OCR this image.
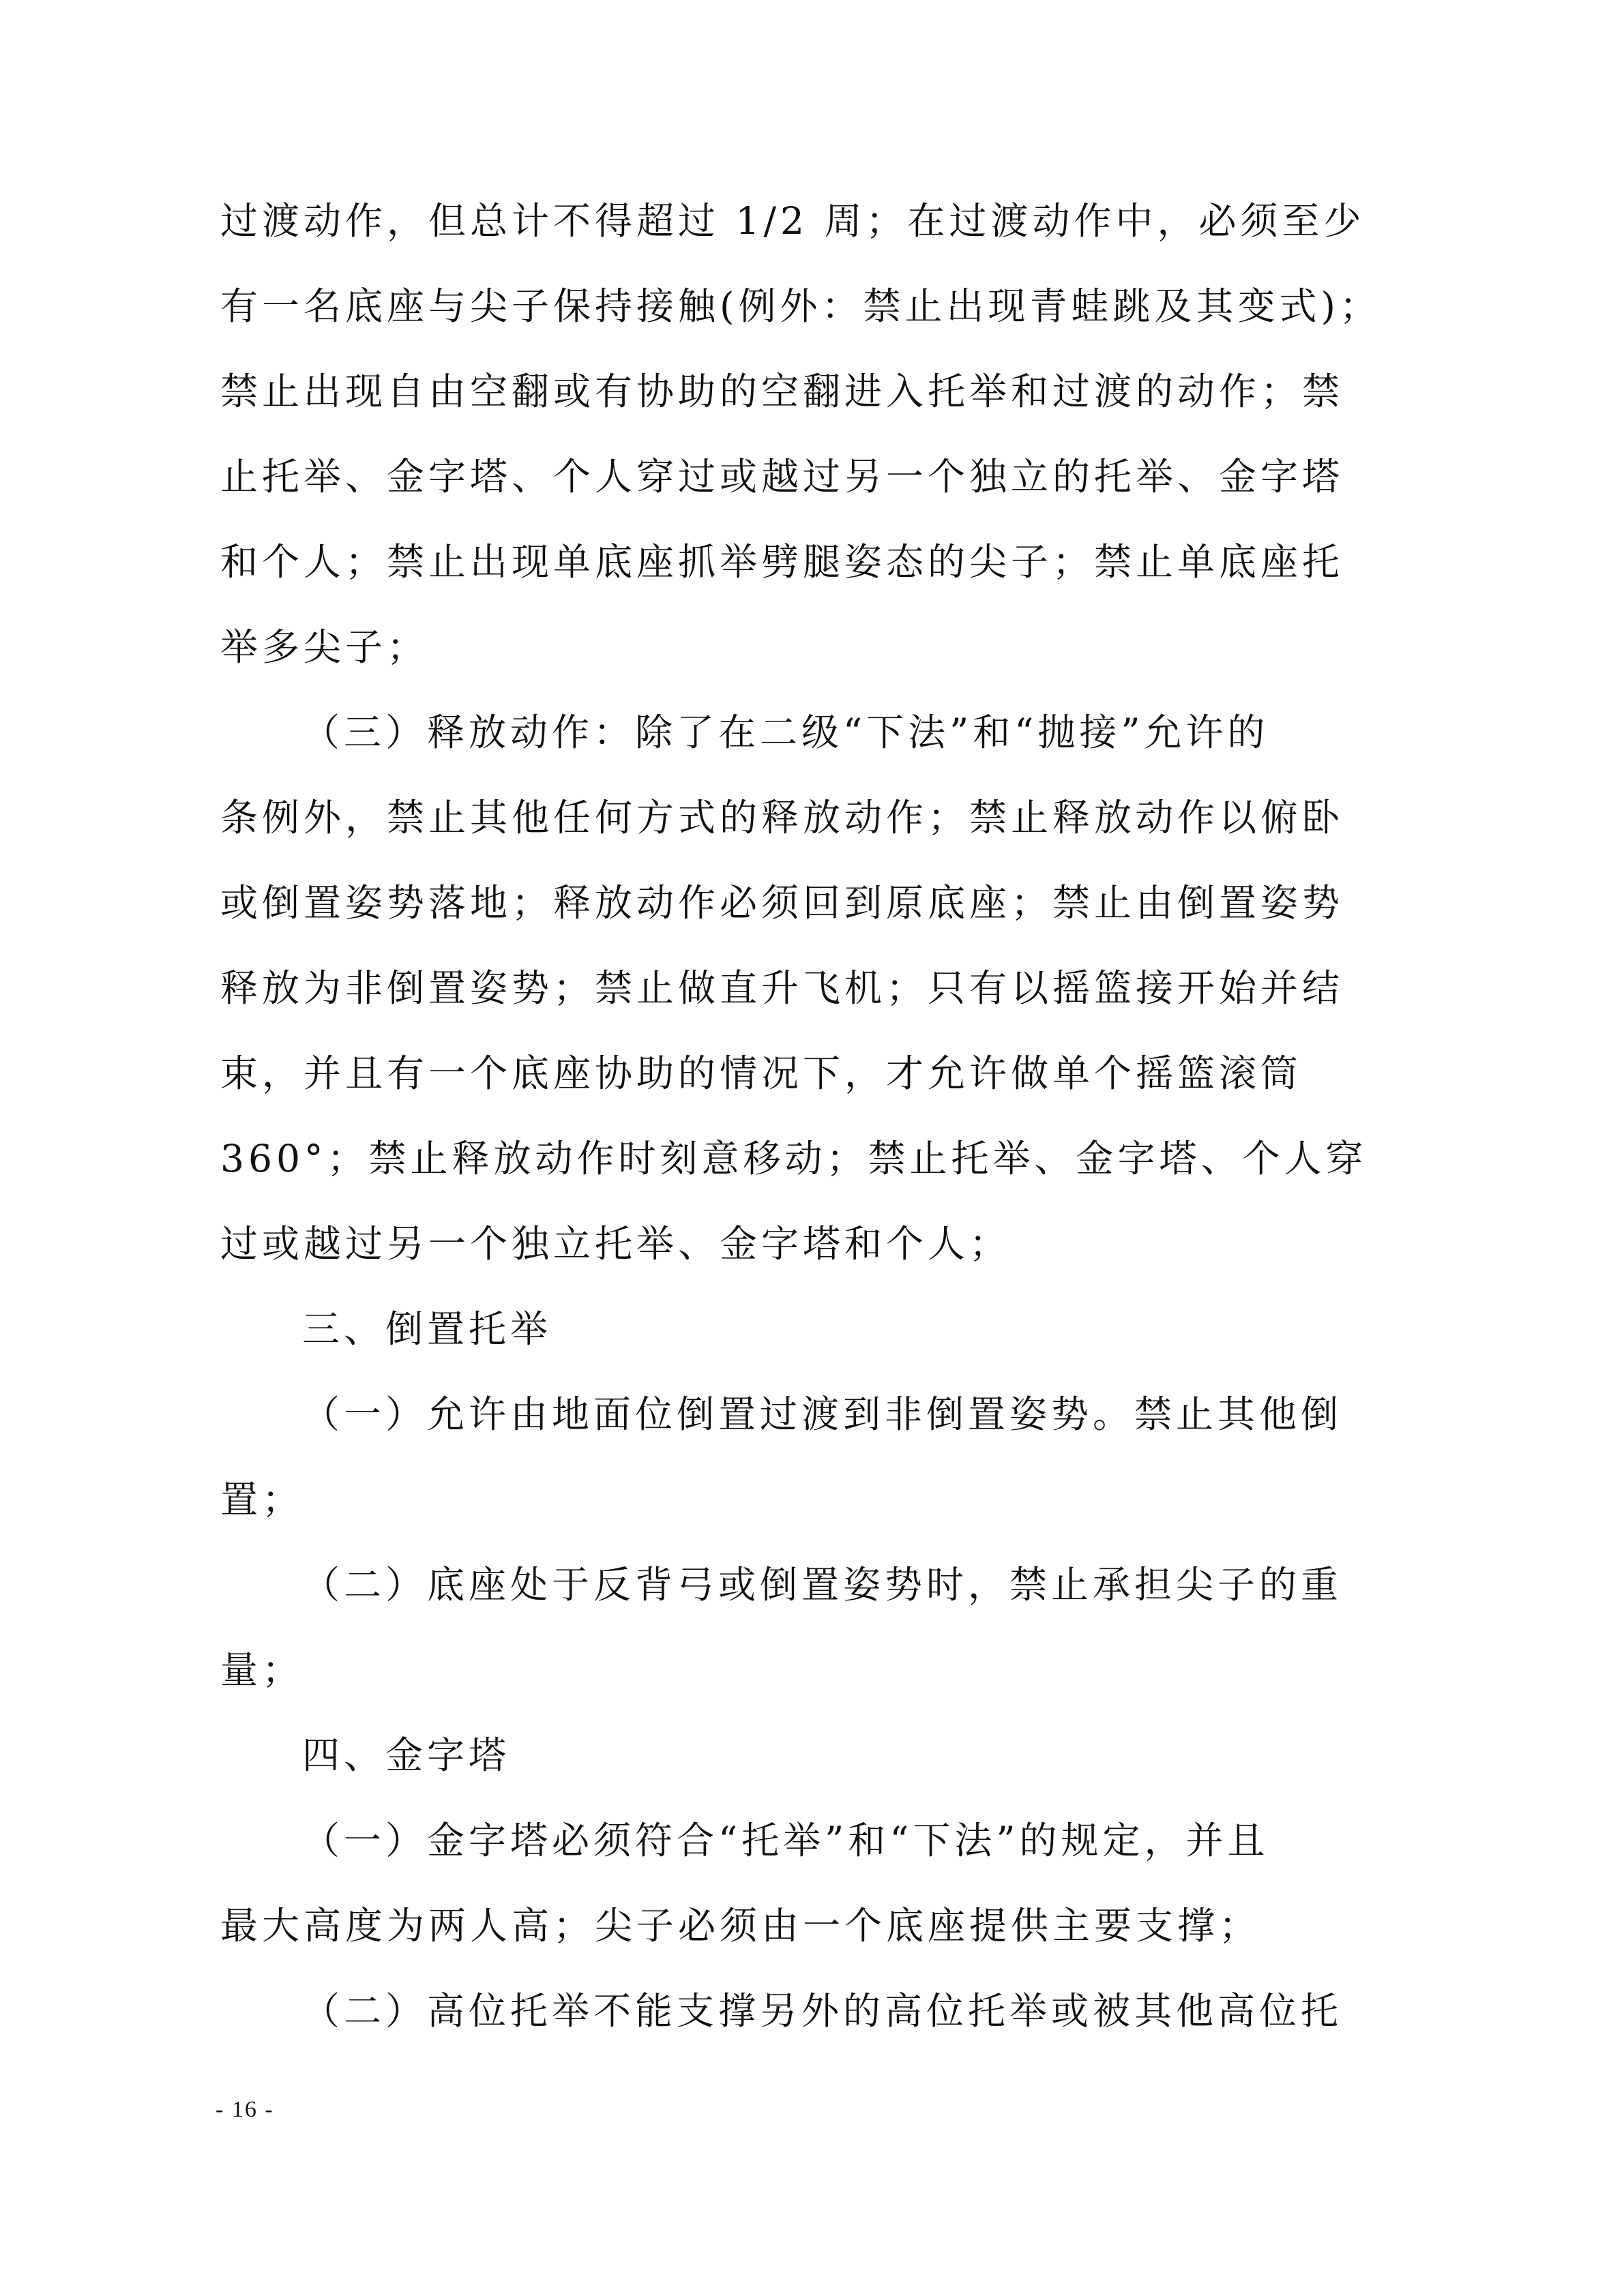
过渡动作，但总计不得超过 1/2 周；在过渡动作中，必须至少
有一名底座与尖子保持接触(例外：禁止出现青蛙跳及其变式)；
禁止出现自由空翻或有协助的空翻进入托举和过渡的动作；禁
止托举、金字塔、个人穿过或越过另一个独立的托举、金字塔
和个人；禁止出现单底座抓举劈腿姿态的尖子；禁止单底座托
举多尖子；
（三）释放动作：除了在二级“下法”和“抛接”允许的
条例外，禁止其他任何方式的释放动作；禁止释放动作以俯卧
或倒置姿势落地；释放动作必须回到原底座；禁止由倒置姿势
释放为非倒置姿势；禁止做直升飞机；只有以摇篮接开始并结
束，并且有一个底座协助的情况下，才允许做单个摇篮滚筒
360°；禁止释放动作时刻意移动；禁止托举、金字塔、个人穿
过或越过另一个独立托举、金字塔和个人；
三、倒置托举
（一）允许由地面位倒置过渡到非倒置姿势。禁止其他倒
置；
（二）底座处于反背弓或倒置姿势时，禁止承担尖子的重
量；
四、金字塔
（一）金字塔必须符合“托举”和“下法”的规定，并且
最大高度为两人高；尖子必须由一个底座提供主要支撑；
（二）高位托举不能支撑另外的高位托举或被其他高位托
- 16 -
